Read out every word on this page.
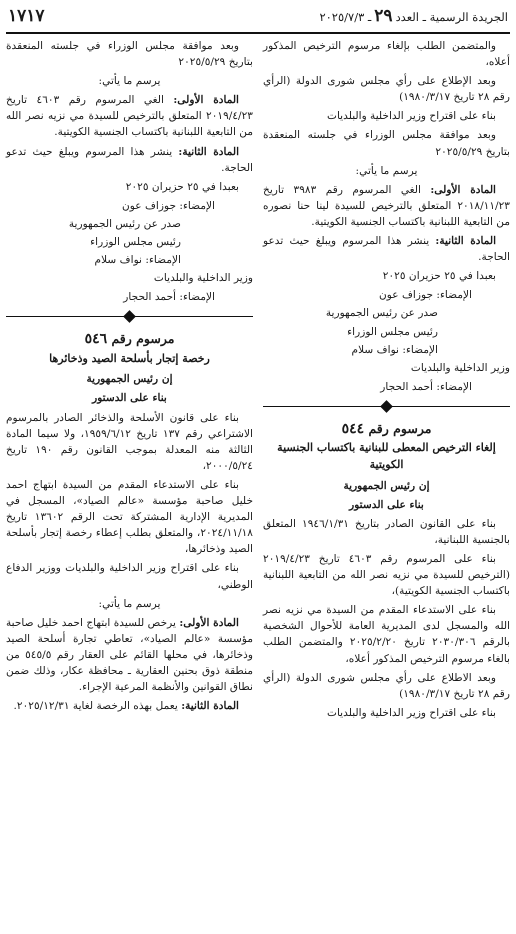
الجريدة الرسمية ـ العدد٢٩ـ ٢٠٢٥/٧/٣
١٧١٧

والمتضمن الطلب بإلغاء مرسوم الترخيص المذكور أعلاه،

وبعد الإطلاع على رأي مجلس شورى الدولة (الرأي رقم ٢٨ تاريخ ١٩٨٠/٣/١٧)

بناء على اقتراح وزير الداخلية والبلديات

وبعد موافقة مجلس الوزراء في جلسته المنعقدة بتاريخ ٢٠٢٥/٥/٢٩

يرسم ما يأتي:

المادة الأولى: الغي المرسوم رقم ٣٩٨٣ تاريخ ٢٠١٨/١١/٢٣ المتعلق بالترخيص للسيدة لينا حنا نصوره من التابعية اللبنانية باكتساب الجنسية الكويتية.

المادة الثانية: ينشر هذا المرسوم ويبلغ حيث تدعو الحاجة.

بعبدا في ٢٥ حزيران ٢٠٢٥

الإمضاء: جوزاف عون

صدر عن رئيس الجمهورية

رئيس مجلس الوزراء

الإمضاء: نواف سلام

وزير الداخلية والبلديات

الإمضاء: أحمد الحجار

مرسوم رقم ٥٤٤

إلغاء الترخيص المعطى للبنانية باكتساب الجنسية الكويتية

إن رئيس الجمهورية

بناء على الدستور

بناء على القانون الصادر بتاريخ ١٩٤٦/١/٣١ المتعلق بالجنسية اللبنانية،

بناء على المرسوم رقم ٤٦٠٣ تاريخ ٢٠١٩/٤/٢٣ (الترخيص للسيدة مي نزيه نصر الله من التابعية اللبنانية باكتساب الجنسية الكويتية)،

بناء على الاستدعاء المقدم من السيدة مي نزيه نصر الله والمسجل لدى المديرية العامة للأحوال الشخصية بالرقم ٢٠٣٠/٣٠٦ تاريخ ٢٠٢٥/٢/٢٠ والمتضمن الطلب بالغاء مرسوم الترخيص المذكور أعلاه،

وبعد الاطلاع على رأي مجلس شورى الدولة (الرأي رقم ٢٨ تاريخ ١٩٨٠/٣/١٧)

بناء على اقتراح وزير الداخلية والبلديات

وبعد موافقة مجلس الوزراء في جلسته المنعقدة بتاريخ ٢٠٢٥/٥/٢٩

يرسم ما يأتي:

المادة الأولى: الغي المرسوم رقم ٤٦٠٣ تاريخ ٢٠١٩/٤/٢٣ المتعلق بالترخيص للسيدة مي نزيه نصر الله من التابعية اللبنانية باكتساب الجنسية الكويتية.

المادة الثانية: ينشر هذا المرسوم ويبلغ حيث تدعو الحاجة.

بعبدا في ٢٥ حزيران ٢٠٢٥

الإمضاء: جوزاف عون

صدر عن رئيس الجمهورية

رئيس مجلس الوزراء

الإمضاء: نواف سلام

وزير الداخلية والبلديات

الإمضاء: أحمد الحجار

مرسوم رقم ٥٤٦

رخصة إتجار بأسلحة الصيد وذخائرها

إن رئيس الجمهورية

بناء على الدستور

بناء على قانون الأسلحة والذخائر الصادر بالمرسوم الاشتراعي رقم ١٣٧ تاريخ ١٩٥٩/٦/١٢، ولا سيما المادة الثالثة منه المعدلة بموجب القانون رقم ١٩٠ تاريخ ٢٠٠٠/٥/٢٤،

بناء على الاستدعاء المقدم من السيدة ابتهاج احمد خليل صاحبة مؤسسة «عالم الصياد»، المسجل في المديرية الإدارية المشتركة تحت الرقم ١٣٦٠٢ تاريخ ٢٠٢٤/١١/١٨، والمتعلق بطلب إعطاء رخصة إتجار بأسلحة الصيد وذخائرها،

بناء على اقتراح وزير الداخلية والبلديات ووزير الدفاع الوطني،

يرسم ما يأتي:

المادة الأولى: يرخص للسيدة ابتهاج احمد خليل صاحبة مؤسسة «عالم الصياد»، تعاطي تجارة أسلحة الصيد وذخائرها، في محلها القائم على العقار رقم ٥٤٥/٥ من منطقة ذوق بحنين العقارية ـ محافظة عكار، وذلك ضمن نطاق القوانين والأنظمة المرعية الإجراء.

المادة الثانية: يعمل بهذه الرخصة لغاية ٢٠٢٥/١٢/٣١.
